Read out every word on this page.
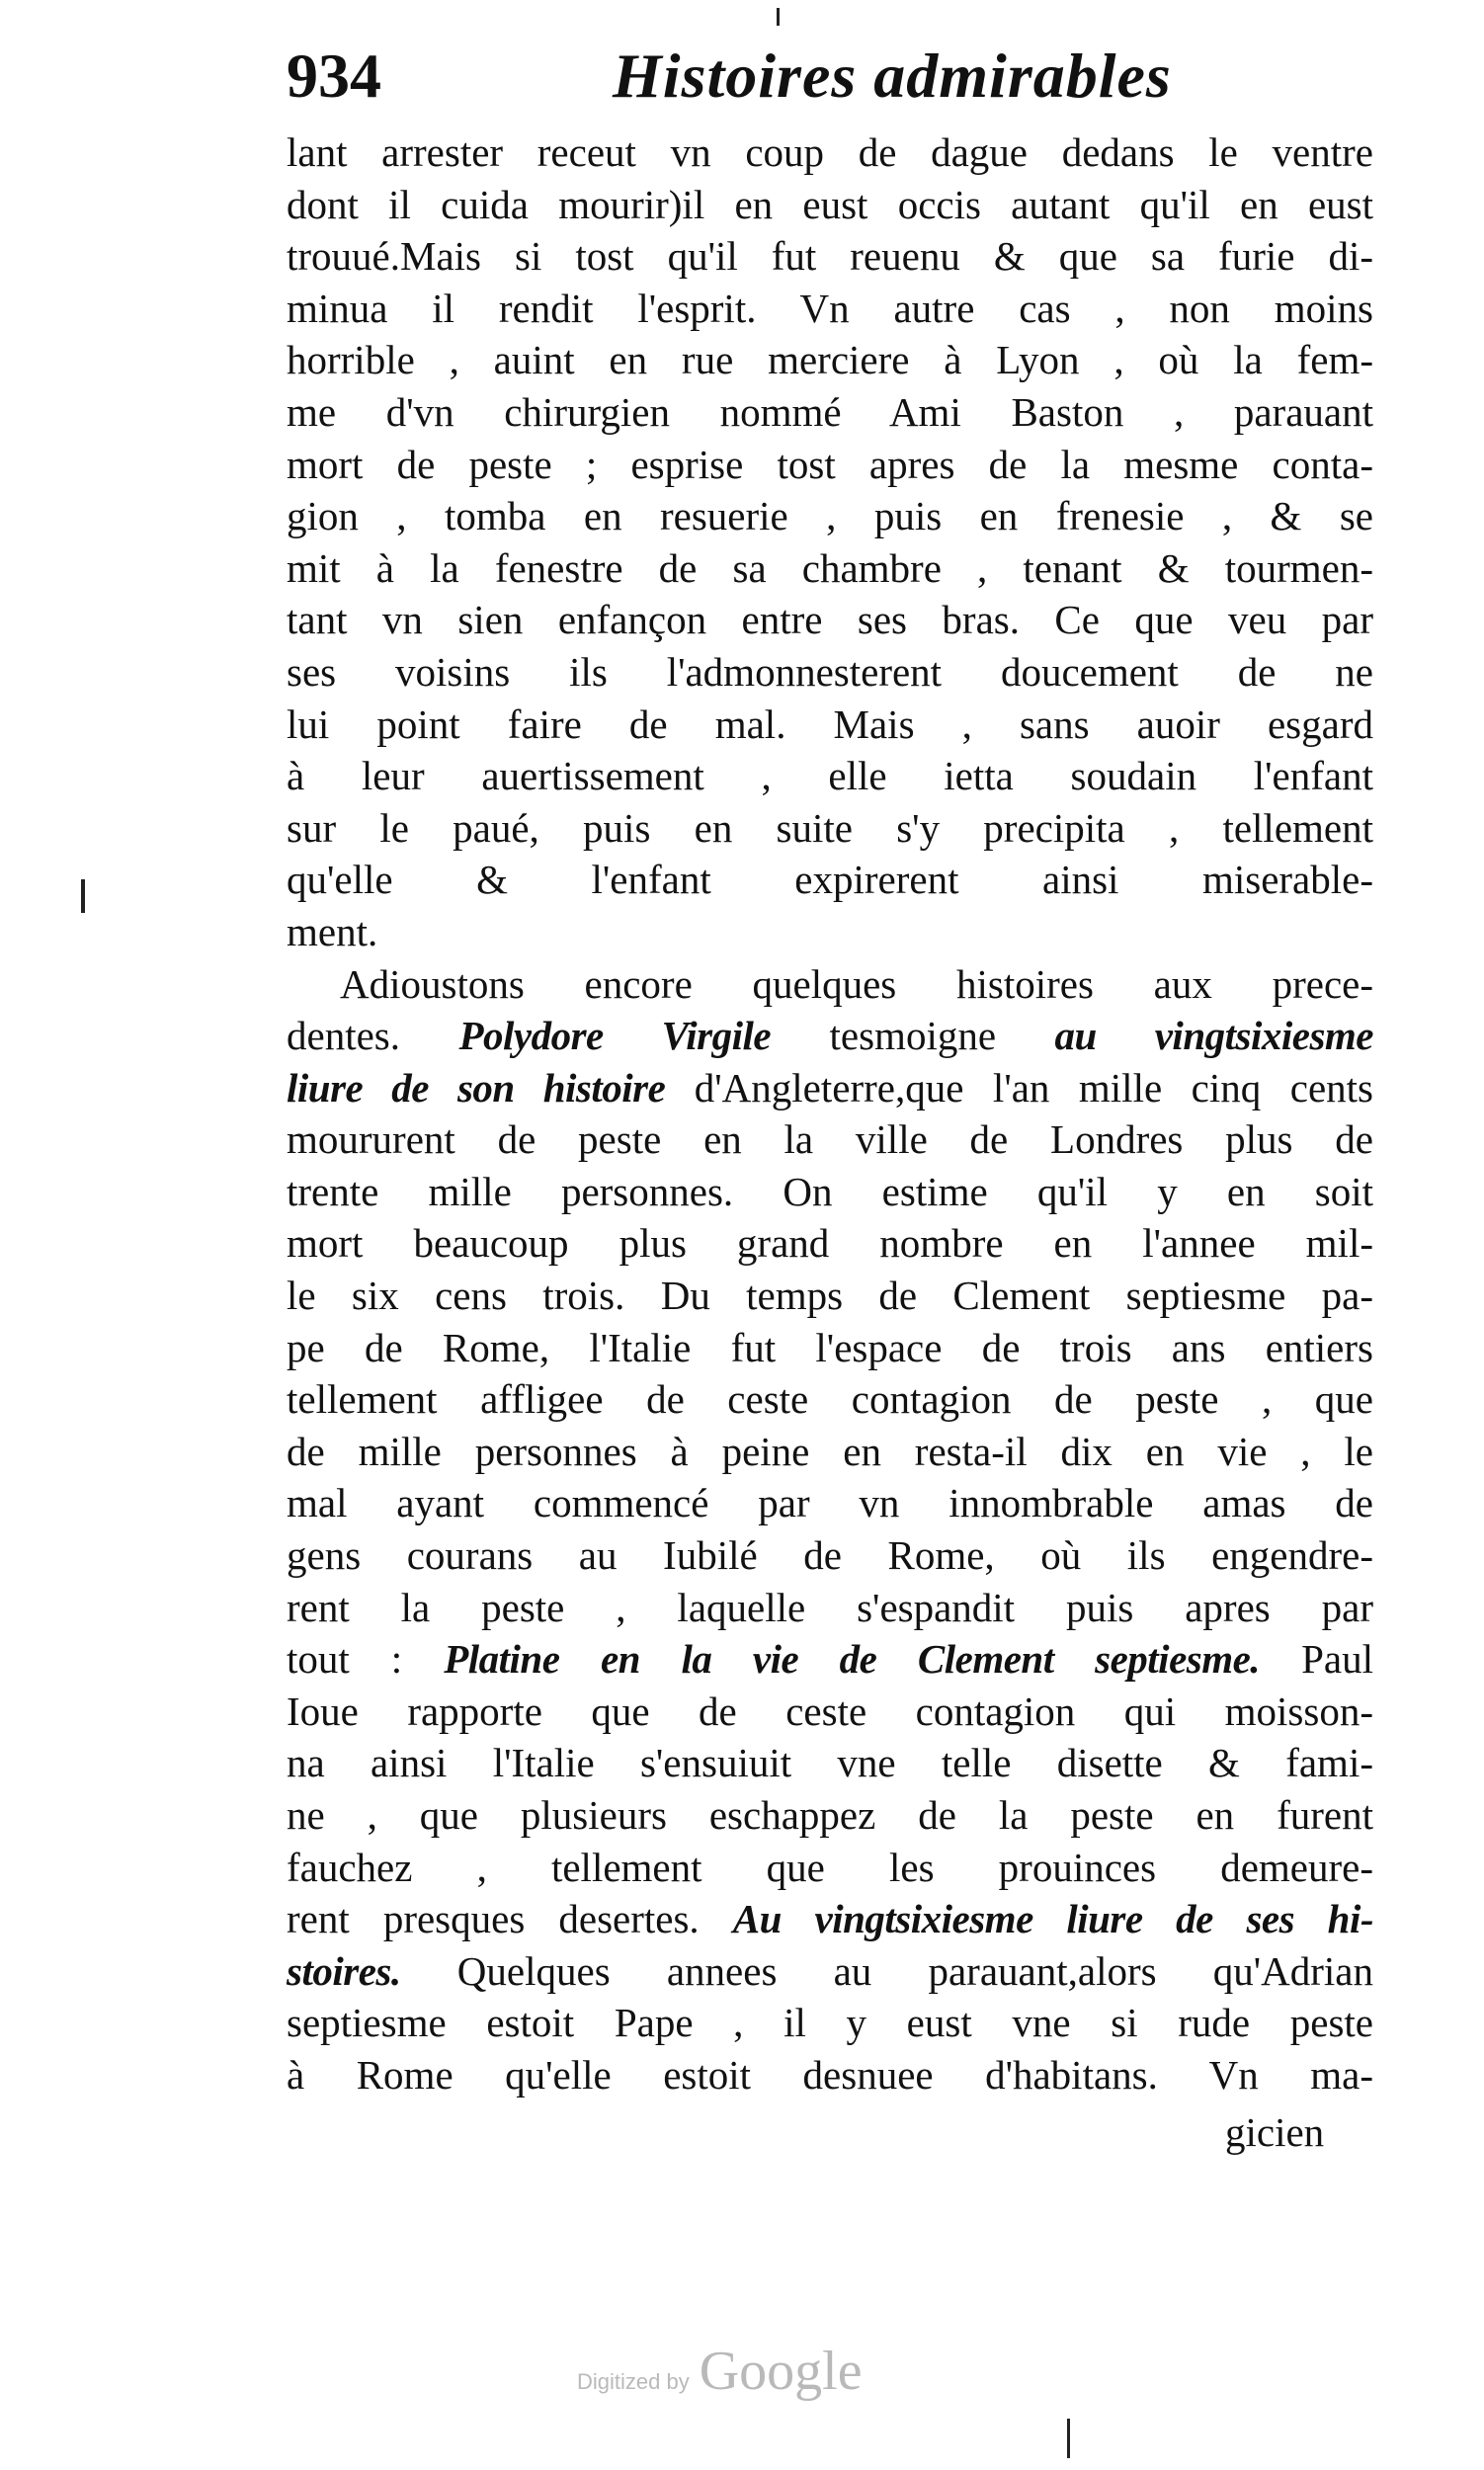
934	Histoires admirables
lant arrester receut vn coup de dague dedans le ventre
dont il cuida mourir)il en eust occis autant qu'il en eust
trouué.Mais si tost qu'il fut reuenu & que sa furie di-
minua il rendit l'esprit. Vn autre cas , non moins
horrible , auint en rue merciere à Lyon , où la fem-
me d'vn chirurgien nommé Ami Baston , parauant
mort de peste ; esprise tost apres de la mesme conta-
gion , tomba en resuerie , puis en frenesie , & se
mit à la fenestre de sa chambre , tenant & tourmen-
tant vn sien enfançon entre ses bras. Ce que veu par
ses voisins ils l'admonnesterent doucement de ne
lui point faire de mal. Mais , sans auoir esgard
à leur auertissement , elle ietta soudain l'enfant
sur le paué, puis en suite s'y precipita , tellement
qu'elle & l'enfant expirerent ainsi miserable-
ment.
Adioustons encore quelques histoires aux prece-
dentes. Polydore Virgile tesmoigne au vingtsixiesme
liure de son histoire d'Angleterre,que l'an mille cinq cents
moururent de peste en la ville de Londres plus de
trente mille personnes. On estime qu'il y en soit
mort beaucoup plus grand nombre en l'annee mil-
le six cens trois. Du temps de Clement septiesme pa-
pe de Rome, l'Italie fut l'espace de trois ans entiers
tellement affligee de ceste contagion de peste , que
de mille personnes à peine en resta-il dix en vie , le
mal ayant commencé par vn innombrable amas de
gens courans au Iubilé de Rome, où ils engendre-
rent la peste , laquelle s'espandit puis apres par
tout : Platine en la vie de Clement septiesme. Paul
Ioue rapporte que de ceste contagion qui moisson-
na ainsi l'Italie s'ensuiuit vne telle disette & fami-
ne , que plusieurs eschappez de la peste en furent
fauchez , tellement que les prouinces demeure-
rent presques desertes. Au vingtsixiesme liure de ses hi-
stoires. Quelques annees au parauant,alors qu'Adrian
septiesme estoit Pape , il y eust vne si rude peste
à Rome qu'elle estoit desnuee d'habitans. Vn ma-
gicien
Digitized by Google
